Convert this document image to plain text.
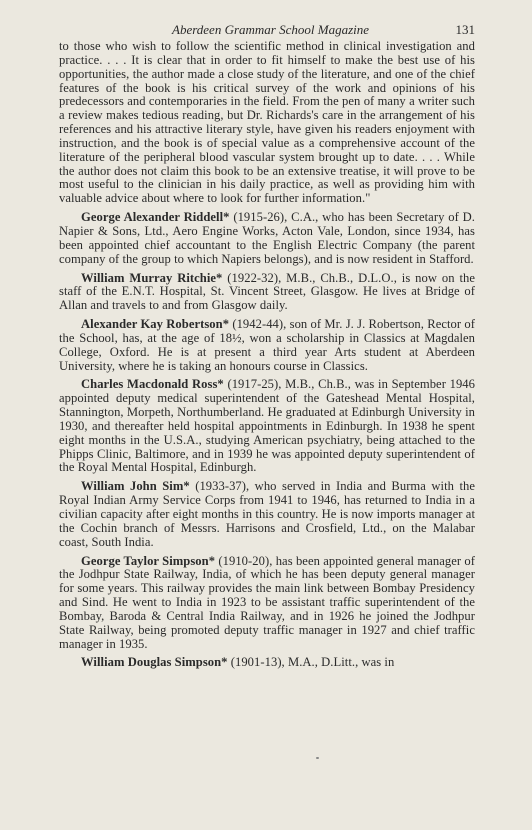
Aberdeen Grammar School Magazine	131

to those who wish to follow the scientific method in clinical investigation and practice. . . . It is clear that in order to fit himself to make the best use of his opportunities, the author made a close study of the literature, and one of the chief features of the book is his critical survey of the work and opinions of his predecessors and contemporaries in the field. From the pen of many a writer such a review makes tedious reading, but Dr. Richards's care in the arrangement of his references and his attractive literary style, have given his readers enjoyment with instruction, and the book is of special value as a comprehensive account of the literature of the peripheral blood vascular system brought up to date. . . . While the author does not claim this book to be an extensive treatise, it will prove to be most useful to the clinician in his daily practice, as well as providing him with valuable advice about where to look for further information."

George Alexander Riddell* (1915-26), C.A., who has been Secretary of D. Napier & Sons, Ltd., Aero Engine Works, Acton Vale, London, since 1934, has been appointed chief accountant to the English Electric Company (the parent company of the group to which Napiers belongs), and is now resident in Stafford.

William Murray Ritchie* (1922-32), M.B., Ch.B., D.L.O., is now on the staff of the E.N.T. Hospital, St. Vincent Street, Glasgow. He lives at Bridge of Allan and travels to and from Glasgow daily.

Alexander Kay Robertson* (1942-44), son of Mr. J. J. Robertson, Rector of the School, has, at the age of 18½, won a scholarship in Classics at Magdalen College, Oxford. He is at present a third year Arts student at Aberdeen University, where he is taking an honours course in Classics.

Charles Macdonald Ross* (1917-25), M.B., Ch.B., was in September 1946 appointed deputy medical superintendent of the Gateshead Mental Hospital, Stannington, Morpeth, Northumberland. He graduated at Edinburgh University in 1930, and thereafter held hospital appointments in Edinburgh. In 1938 he spent eight months in the U.S.A., studying American psychiatry, being attached to the Phipps Clinic, Baltimore, and in 1939 he was appointed deputy superintendent of the Royal Mental Hospital, Edinburgh.

William John Sim* (1933-37), who served in India and Burma with the Royal Indian Army Service Corps from 1941 to 1946, has returned to India in a civilian capacity after eight months in this country. He is now imports manager at the Cochin branch of Messrs. Harrisons and Crosfield, Ltd., on the Malabar coast, South India.

George Taylor Simpson* (1910-20), has been appointed general manager of the Jodhpur State Railway, India, of which he has been deputy general manager for some years. This railway provides the main link between Bombay Presidency and Sind. He went to India in 1923 to be assistant traffic superintendent of the Bombay, Baroda & Central India Railway, and in 1926 he joined the Jodhpur State Railway, being promoted deputy traffic manager in 1927 and chief traffic manager in 1935.

William Douglas Simpson* (1901-13), M.A., D.Litt., was in
